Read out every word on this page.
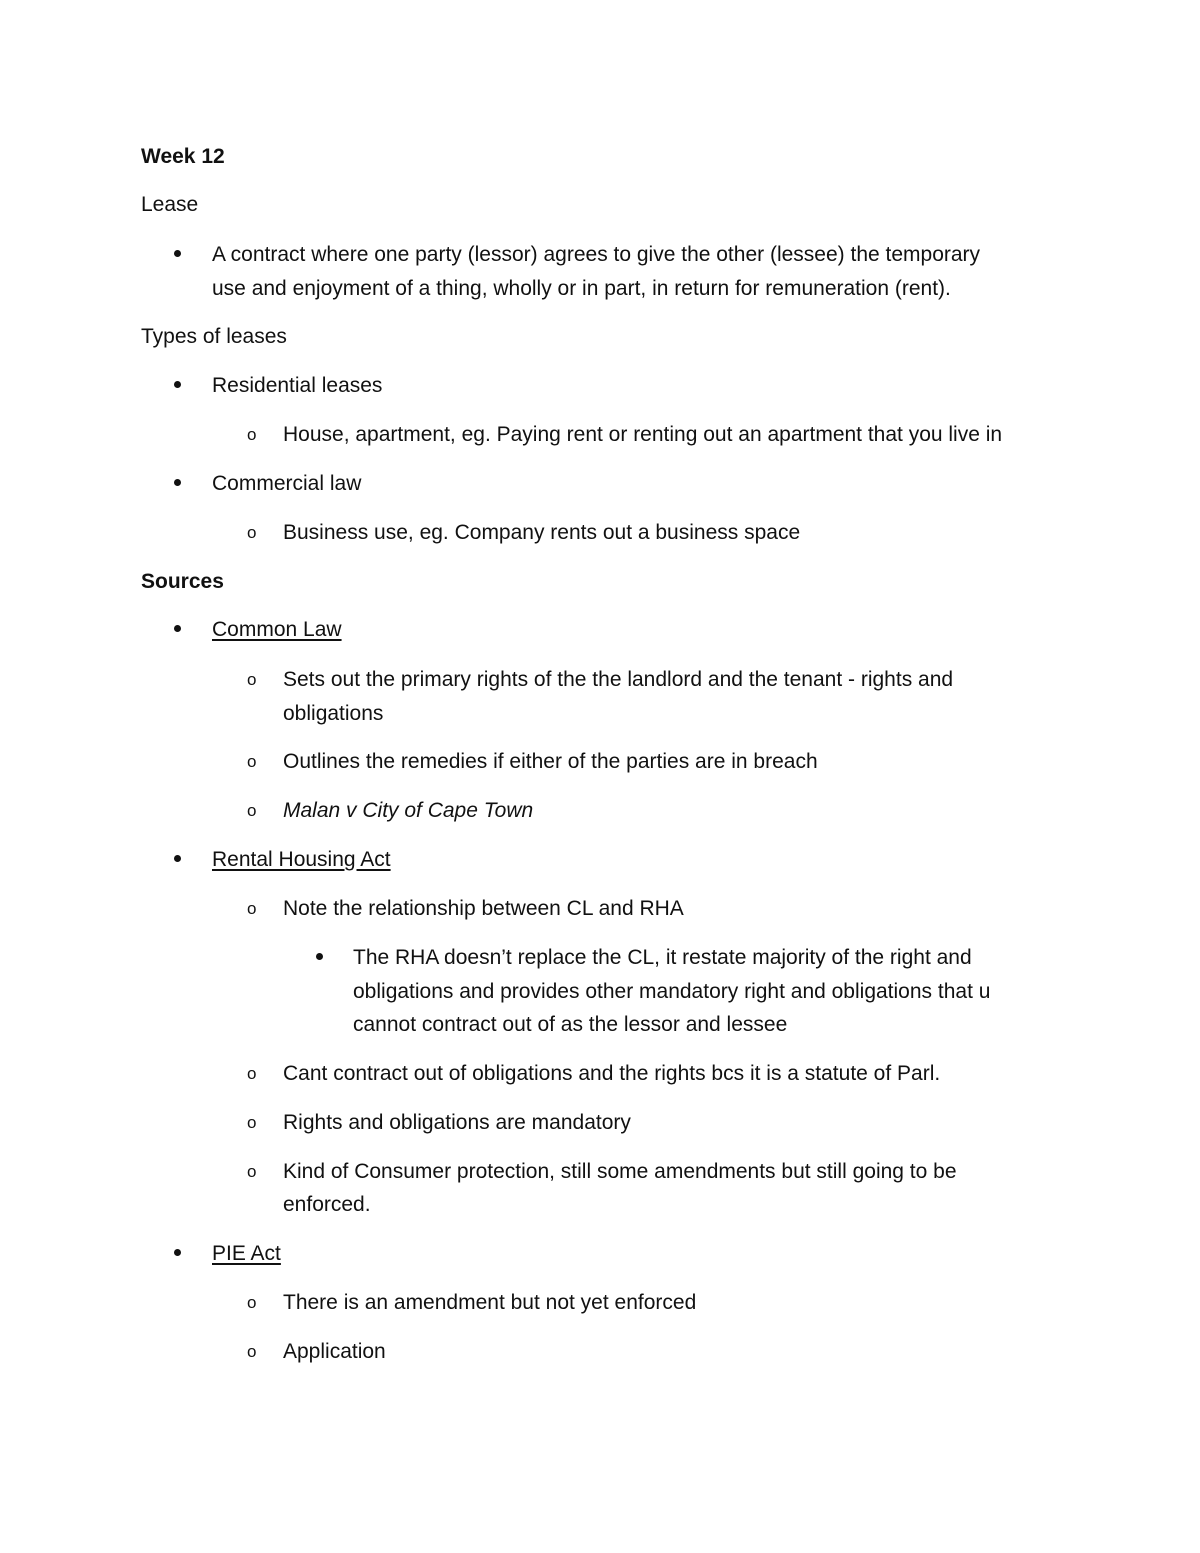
Week 12
Lease
A contract where one party (lessor) agrees to give the other (lessee) the temporary
use and enjoyment of a thing, wholly or in part, in return for remuneration (rent).
Types of leases
Residential leases
o House, apartment, eg. Paying rent or renting out an apartment that you live in
Commercial law
o Business use, eg. Company rents out a business space
Sources
Common Law
o Sets out the primary rights of the the landlord and the tenant - rights and
obligations
o Outlines the remedies if either of the parties are in breach
o Malan v City of Cape Town
Rental Housing Act
o Note the relationship between CL and RHA
The RHA doesn’t replace the CL, it restate majority of the right and
obligations and provides other mandatory right and obligations that u
cannot contract out of as the lessor and lessee
o Cant contract out of obligations and the rights bcs it is a statute of Parl.
o Rights and obligations are mandatory
o Kind of Consumer protection, still some amendments but still going to be
enforced.
PIE Act
o There is an amendment but not yet enforced
o Application
